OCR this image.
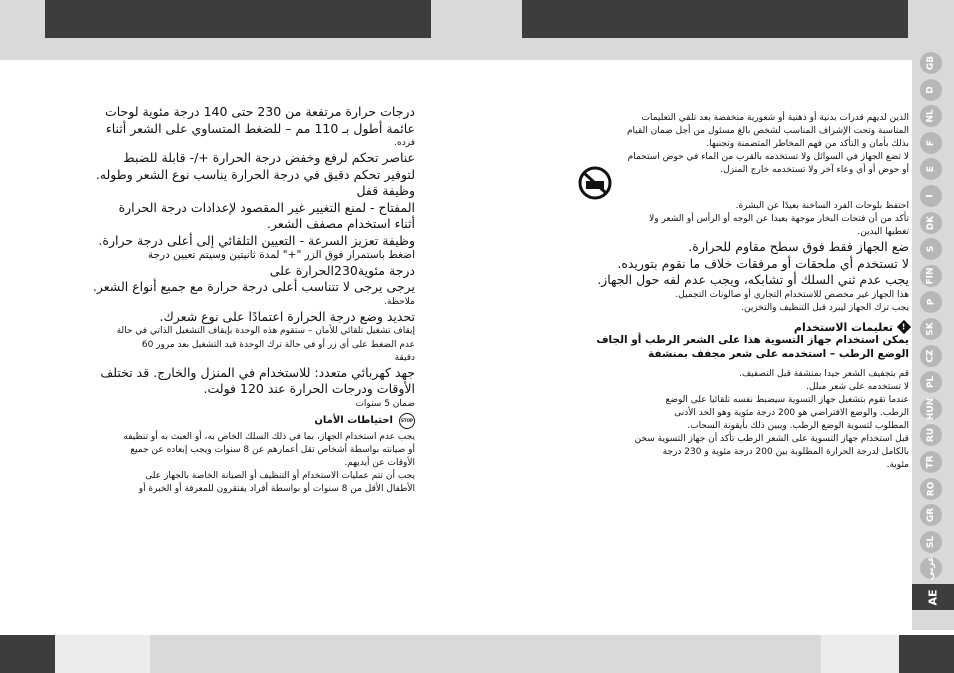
درجات حرارة مرتفعة من 230 حتى 140 درجة مئوية لوحات
عائمة أطول بـ 110 مم – للضغط المتساوي على الشعر أثناء
فرده.
عناصر تحكم لرفع وخفض درجة الحرارة +/- قابلة للضبط
لتوفير تحكم دقيق في درجة الحرارة يناسب نوع الشعر وطوله.
وظيفة قفل
المفتاح - لمنع التغيير غير المقصود لإعدادات درجة الحرارة
أثناء استخدام مصفف الشعر.
وظيفة تعزيز السرعة - التعيين التلقائي إلى أعلى درجة حرارة.
اضغط باستمرار فوق الزر "+" لمدة ثانيتين وسيتم تعيين درجة
درجة مئوية230الحرارة على
يرجى يرجى لا تتناسب أعلى درجة حرارة مع جميع أنواع الشعر.
ملاحظة.
تحديد وضع درجة الحرارة اعتمادًا على نوع شعرك.
إيقاف تشغيل تلقائي للأمان – ستقوم هذه الوحدة بإيقاف التشغيل الذاتي في حالة
عدم الضغط على أي زر أو في حالة ترك الوحدة قيد التشغيل بعد مرور 60
دقيقة
جهد كهربائي متعدد: للاستخدام في المنزل والخارج. قد تختلف
الأوقات ودرجات الحرارة عند 120 فولت.
ضمان 5 سنوات
STOP
احتياطات الأمان
يجب عدم استخدام الجهاز، بما في ذلك السلك الخاص به، أو العبث به أو تنظيفه
أو صيانته بواسطة أشخاص تقل أعمارهم عن 8 سنوات ويجب إبعاده عن جميع
الأوقات عن أيديهم.
يجب أن تتم عمليات الاستخدام أو التنظيف أو الصيانة الخاصة بالجهاز على
الأطفال الأقل من 8 سنوات أو بواسطة أفراد يفتقرون للمعرفة أو الخبرة أو
الذين لديهم قدرات بدنية أو ذهنية أو شعورية منخفضة بعد تلقي التعليمات
المناسبة وتحت الإشراف المناسب لشخص بالغ مسئول من أجل ضمان القيام
بذلك بأمان و التأكد من فهم المخاطر المتضمنة وتجنبها.
لا تضع الجهاز في السوائل ولا تستخدمه بالقرب من الماء في حوض استحمام
أو حوض أو أي وعاء آخر ولا تستخدمه خارج المنزل.
احتفظ بلوحات الفرد الساخنة بعيدًا عن البشرة.
تأكد من أن فتحات البخار موجهة بعيدا عن الوجه أو الرأس أو الشعر ولا
تغطيها اليدين.
ضع الجهاز فقط فوق سطح مقاوم للحرارة.
لا تستخدم أي ملحقات أو مرفقات خلاف ما نقوم بتوريده.
يجب عدم ثني السلك أو تشابكه، ويجب عدم لفه حول الجهاز.
هذا الجهاز غير مخصص للاستخدام التجاري أو صالونات التجميل.
يجب ترك الجهاز ليبرد قبل التنظيف والتخزين.
!
تعليمات الاستخدام
يمكن استخدام جهاز التسوية هذا على الشعر الرطب أو الجاف
الوضع الرطب – استخدمه على شعر مجفف بمنشفة
قم بتجفيف الشعر جيدا بمنشفة قبل التصفيف.
لا تستخدمه على شعر مبلل.
عندما تقوم بتشغيل جهاز التسوية سيضبط نفسه تلقائيا على الوضع
الرطب. والوضع الافتراضي هو 200 درجة مئوية وهو الحد الأدنى
المطلوب لتسوية الوضع الرطب. ويبين ذلك بأيقونة السحاب.
قبل استخدام جهاز التسوية على الشعر الرطب تأكد أن جهاز التسوية سخن
بالكامل لدرجة الحرارة المطلوبة بين 200 درجة مئوية و 230 درجة
مئوية.
GB
D
NL
F
E
I
DK
S
FIN
P
SK
CZ
PL
HUN
RU
TR
RO
GR
SL
عربي
AE
